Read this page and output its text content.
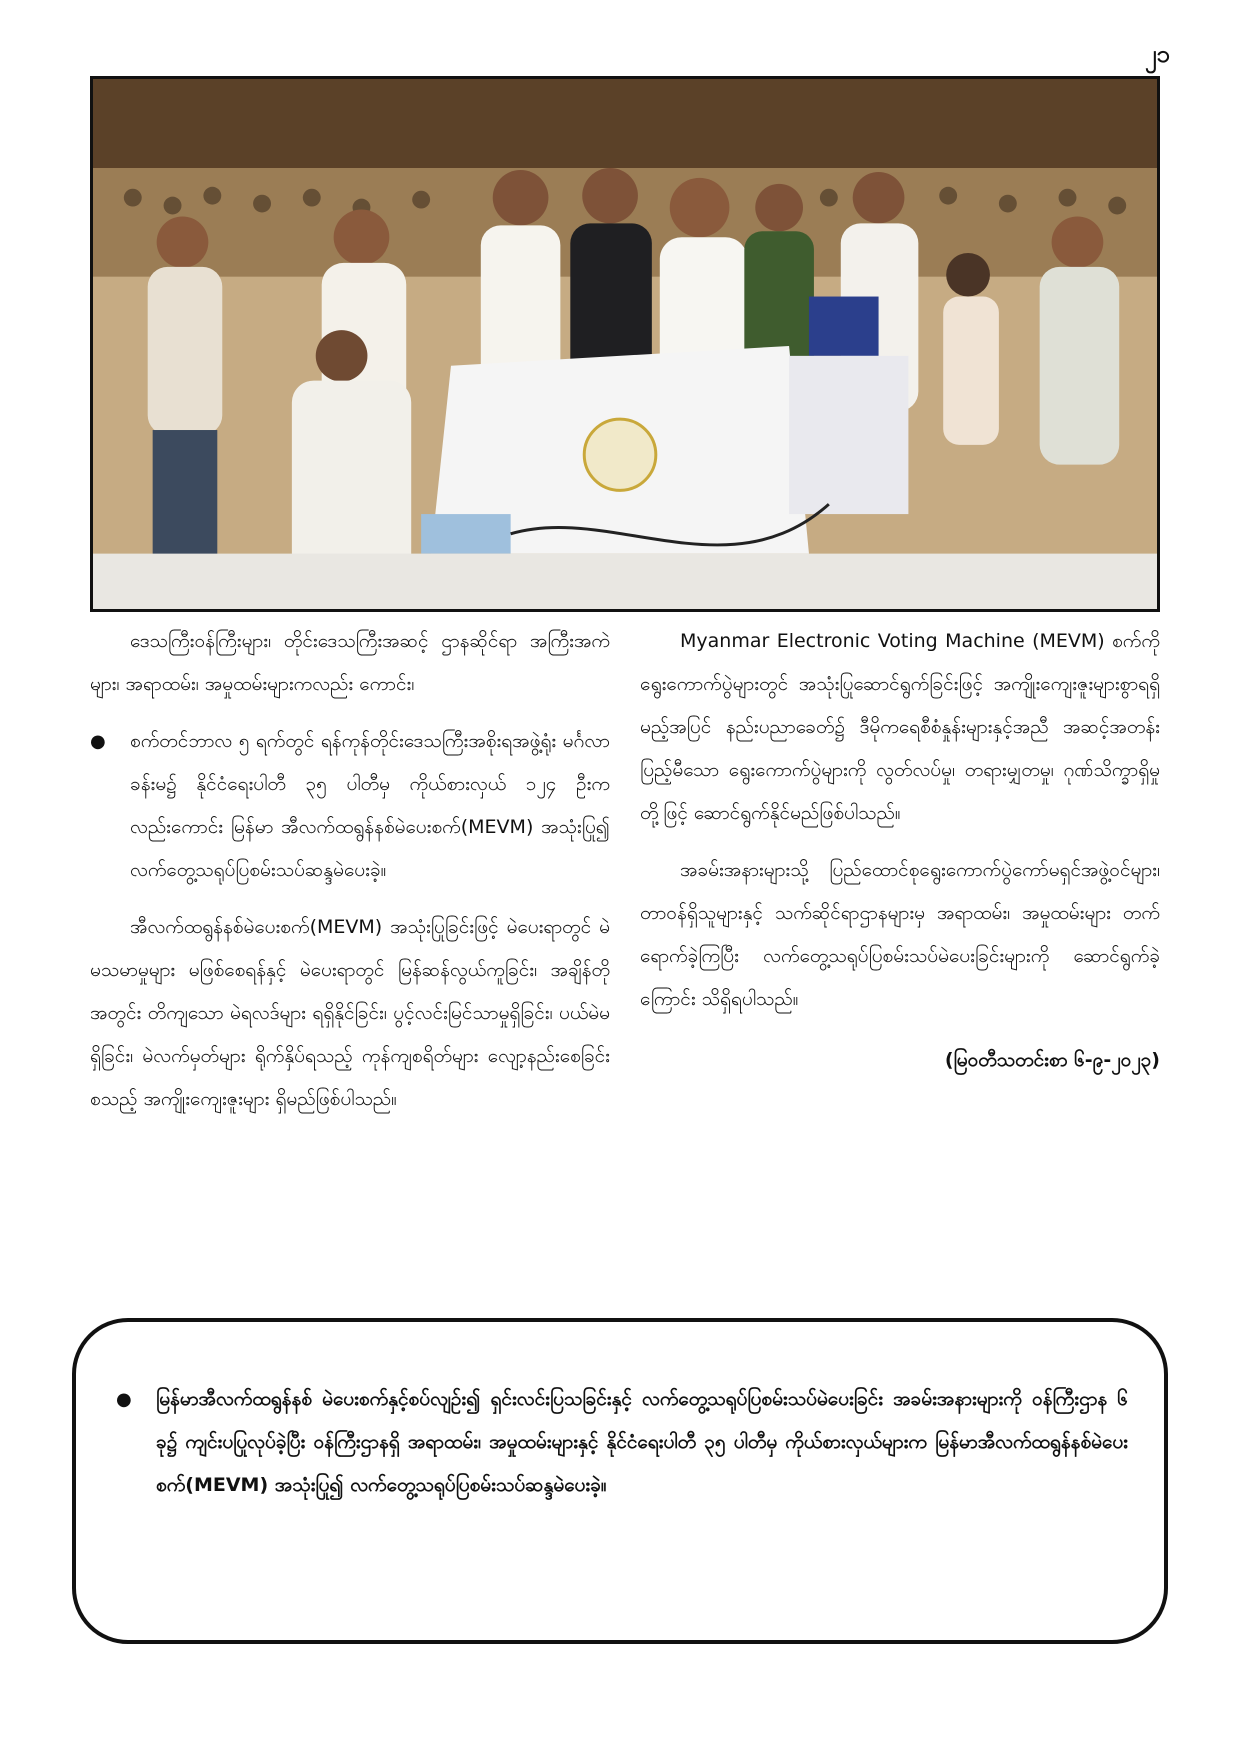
၂၁

ဒေသကြီးဝန်ကြီးများ၊ တိုင်းဒေသကြီးအဆင့် ဌာနဆိုင်ရာ အကြီးအကဲများ၊ အရာထမ်း၊ အမှုထမ်းများကလည်း ကောင်း၊

● စက်တင်ဘာလ ၅ ရက်တွင် ရန်ကုန်တိုင်းဒေသကြီးအစိုးရအဖွဲ့ရုံး မင်္ဂလာခန်းမ၌ နိုင်ငံရေးပါတီ ၃၅ ပါတီမှ ကိုယ်စားလှယ် ၁၂၄ ဦးကလည်းကောင်း မြန်မာ အီလက်ထရွန်နစ်မဲပေးစက်(MEVM) အသုံးပြု၍ လက်တွေ့သရုပ်ပြစမ်းသပ်ဆန္ဒမဲပေးခဲ့။

အီလက်ထရွန်နစ်မဲပေးစက်(MEVM) အသုံးပြုခြင်းဖြင့် မဲပေးရာတွင် မဲမသမာမှုများ မဖြစ်စေရန်နှင့် မဲပေးရာတွင် မြန်ဆန်လွယ်ကူခြင်း၊ အချိန်တိုအတွင်း တိကျသော မဲရလဒ်များ ရရှိနိုင်ခြင်း၊ ပွင့်လင်းမြင်သာမှုရှိခြင်း၊ ပယ်မဲမရှိခြင်း၊ မဲလက်မှတ်များ ရိုက်နှိပ်ရသည့် ကုန်ကျစရိတ်များ လျော့နည်းစေခြင်း စသည့် အကျိုးကျေးဇူးများ ရှိမည်ဖြစ်ပါသည်။

Myanmar Electronic Voting Machine (MEVM) စက်ကို ရွေးကောက်ပွဲများတွင် အသုံးပြုဆောင်ရွက်ခြင်းဖြင့် အကျိုးကျေးဇူးများစွာရရှိမည့်အပြင် နည်းပညာခေတ်၌ ဒီမိုကရေစီစံနှုန်းများနှင့်အညီ အဆင့်အတန်းပြည့်မီသော ရွေးကောက်ပွဲများကို လွတ်လပ်မှု၊ တရားမျှတမှု၊ ဂုဏ်သိက္ခာရှိမှု တို့ဖြင့် ဆောင်ရွက်နိုင်မည်ဖြစ်ပါသည်။

အခမ်းအနားများသို့ ပြည်ထောင်စုရွေးကောက်ပွဲကော်မရှင်အဖွဲ့ဝင်များ၊ တာဝန်ရှိသူများနှင့် သက်ဆိုင်ရာဌာနများမှ အရာထမ်း၊ အမှုထမ်းများ တက်ရောက်ခဲ့ကြပြီး လက်တွေ့သရုပ်ပြစမ်းသပ်မဲပေးခြင်းများကို ဆောင်ရွက်ခဲ့ကြောင်း သိရှိရပါသည်။

(မြဝတီသတင်းစာ ၆-၉-၂၀၂၃)

● မြန်မာအီလက်ထရွန်နစ် မဲပေးစက်နှင့်စပ်လျဉ်း၍ ရှင်းလင်းပြသခြင်းနှင့် လက်တွေ့သရုပ်ပြစမ်းသပ်မဲပေးခြင်း အခမ်းအနားများကို ဝန်ကြီးဌာန ၆ ခု၌ ကျင်းပပြုလုပ်ခဲ့ပြီး ဝန်ကြီးဌာနရှိ အရာထမ်း၊ အမှုထမ်းများနှင့် နိုင်ငံရေးပါတီ ၃၅ ပါတီမှ ကိုယ်စားလှယ်များက မြန်မာအီလက်ထရွန်နစ်မဲပေးစက်(MEVM) အသုံးပြု၍ လက်တွေ့သရုပ်ပြစမ်းသပ်ဆန္ဒမဲပေးခဲ့။
